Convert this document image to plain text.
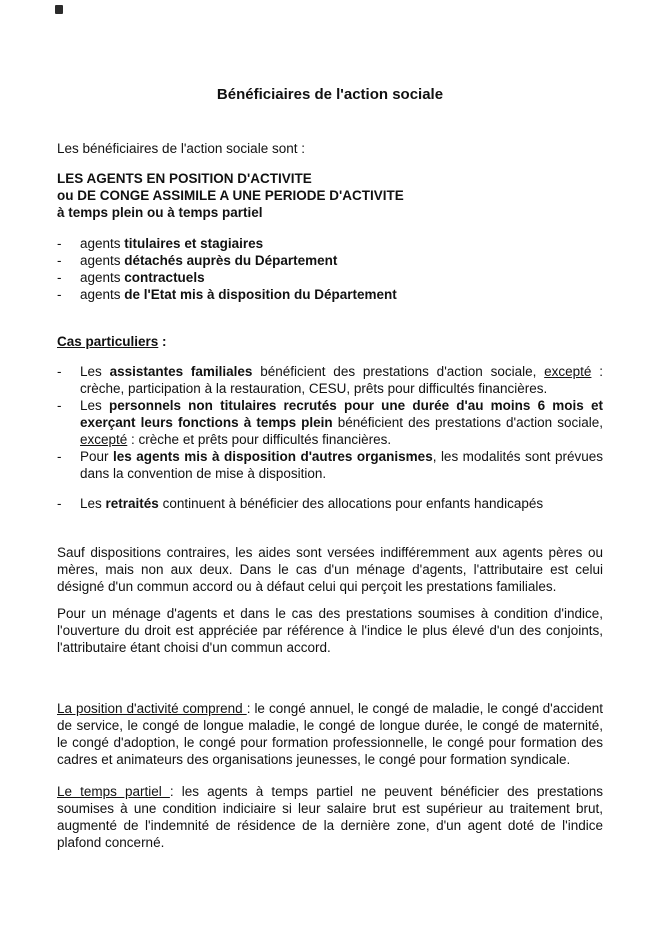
Bénéficiaires de l'action sociale

Les bénéficiaires de l'action sociale sont :

LES AGENTS EN POSITION D'ACTIVITE
ou DE CONGE ASSIMILE A UNE PERIODE D'ACTIVITE
à temps plein ou à temps partiel
-	agents titulaires et stagiaires
-	agents détachés auprès du Département
-	agents contractuels
-	agents de l'Etat mis à disposition du Département

Cas particuliers :

-	Les assistantes familiales bénéficient des prestations d'action sociale, excepté : crèche, participation à la restauration, CESU, prêts pour difficultés financières.
-	Les personnels non titulaires recrutés pour une durée d'au moins 6 mois et exerçant leurs fonctions à temps plein bénéficient des prestations d'action sociale, excepté : crèche et prêts pour difficultés financières.
-	Pour les agents mis à disposition d'autres organismes, les modalités sont prévues dans la convention de mise à disposition.
-	Les retraités continuent à bénéficier des allocations pour enfants handicapés

Sauf dispositions contraires, les aides sont versées indifféremment aux agents pères ou mères, mais non aux deux. Dans le cas d'un ménage d'agents, l'attributaire est celui désigné d'un commun accord ou à défaut celui qui perçoit les prestations familiales.

Pour un ménage d'agents et dans le cas des prestations soumises à condition d'indice, l'ouverture du droit est appréciée par référence à l'indice le plus élevé d'un des conjoints, l'attributaire étant choisi d'un commun accord.

La position d'activité comprend : le congé annuel, le congé de maladie, le congé d'accident de service, le congé de longue maladie, le congé de longue durée, le congé de maternité, le congé d'adoption, le congé pour formation professionnelle, le congé pour formation des cadres et animateurs des organisations jeunesses, le congé pour formation syndicale.

Le temps partiel : les agents à temps partiel ne peuvent bénéficier des prestations soumises à une condition indiciaire si leur salaire brut est supérieur au traitement brut, augmenté de l'indemnité de résidence de la dernière zone, d'un agent doté de l'indice plafond concerné.
